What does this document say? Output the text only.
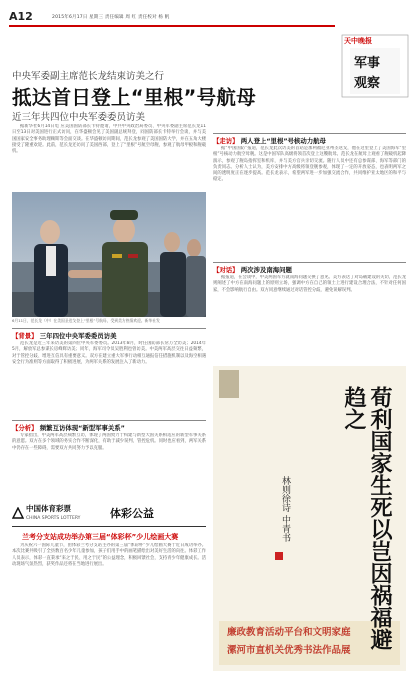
A12	2015年6月17日 星期三 责任编辑 周 红 责任校对 杨 帆
天中晚报
军事
观察
中央军委副主席范长龙结束访美之行
抵达首日登上“里根”号航母
近三年共四位中央军委委员访美

据新华社6月14日电 应美国国防部长卡特邀请，中共中央政治局委员、中央军委副主席范长龙11日至13日对美国进行正式访问，在华盛顿会见了美国副总统拜登，同国防部长卡特举行会谈，并与美国国家安全事务助理赖斯等会面交谈。在华盛顿访问期间，范长龙参观了美国国防大学，并在五角大楼接受了隆重欢迎。此前，范长龙还访问了美国西部，登上了“里根”号航空母舰，参观了航母甲板和舰载机。

6月11日，范长龙（中）在美国圣迭戈登上“里根”号航母，受到美方热情欢迎。新华社发
【背景】 三年四位中央军委委员访美

范长龙是近三年来访美的第四位中央军委委员。2013年8月，时任国防部长常万全访美；2014年5月，解放军总参谋长房峰辉访美；同年，海军司令员吴胜利也曾访美。中美两军高层交往日益频繁，对于管控分歧、增进互信具有重要意义。双方在建立重大军事行动相互通报信任措施机制以及海空相遇安全行为准则等方面取得了积极进展，为两军关系的发展注入了新动力。

【分析】 频繁互访体现“新型军事关系”

专家指出，中美两军高层频繁互访，体现了两国致力于构建与新型大国关系相适应的新型军事关系的意愿。双方在多个领域的务实合作不断深化，有助于减少误判、管控危机。同时也应看到，两军关系中仍存在一些障碍，需要双方共同努力予以克服。

中国体育彩票
CHINA SPORTS LOTTERY	体彩公益
兰考分支站成功举办第三届“体彩杯”少儿绘画大赛

为庆祝六一国际儿童节，由体彩兰考分支站主办的第三届“体彩杯”少儿绘画大赛于近日成功举办。本次比赛共吸引了全县数百名少年儿童参加，孩子们用手中的画笔描绘出对美好生活的向往。体彩工作人员表示，体彩一直秉承“来之于民、用之于民”的公益理念，积极回馈社会，支持青少年健康成长。活动现场气氛热烈，获奖作品还将在当地进行展出。

【走访】 两人登上“里根”号核动力航母

据“中国国防”报道，范长龙此次访美的首站是加利福尼亚州圣迭戈，他在这里登上了美国海军“里根”号核动力航空母舰。这是中国军队高级将领首次登上这艘航母。范长龙在航母上观看了舰载机起降演示，参观了舰岛指挥室和机库，并与美方官兵亲切交流。随行人员中还有总参谋部、海军等部门的负责同志。分析人士认为，美方安排中方高级将领登舰参观，体现了一定的开放姿态，也表明两军之间的透明度正在逐步提高。范长龙表示，希望两军进一步加强交流合作，共同维护亚太地区的和平与稳定。

【对话】 两次涉及南海问题

据报道，在会谈中，中美两国军方就南海问题交换了意见。美方表达了对岛礁建设的关切，范长龙则阐述了中方在南海问题上的原则立场，强调中方在自己的领土上进行建设合理合法，不针对任何国家，不会影响航行自由。双方同意继续通过对话管控分歧，避免误解误判。

荀利国家生死以岂因祸福避趋之
林则徐诗 中青书
廉政教育活动平台和文明家庭
漯河市直机关优秀书法作品展
